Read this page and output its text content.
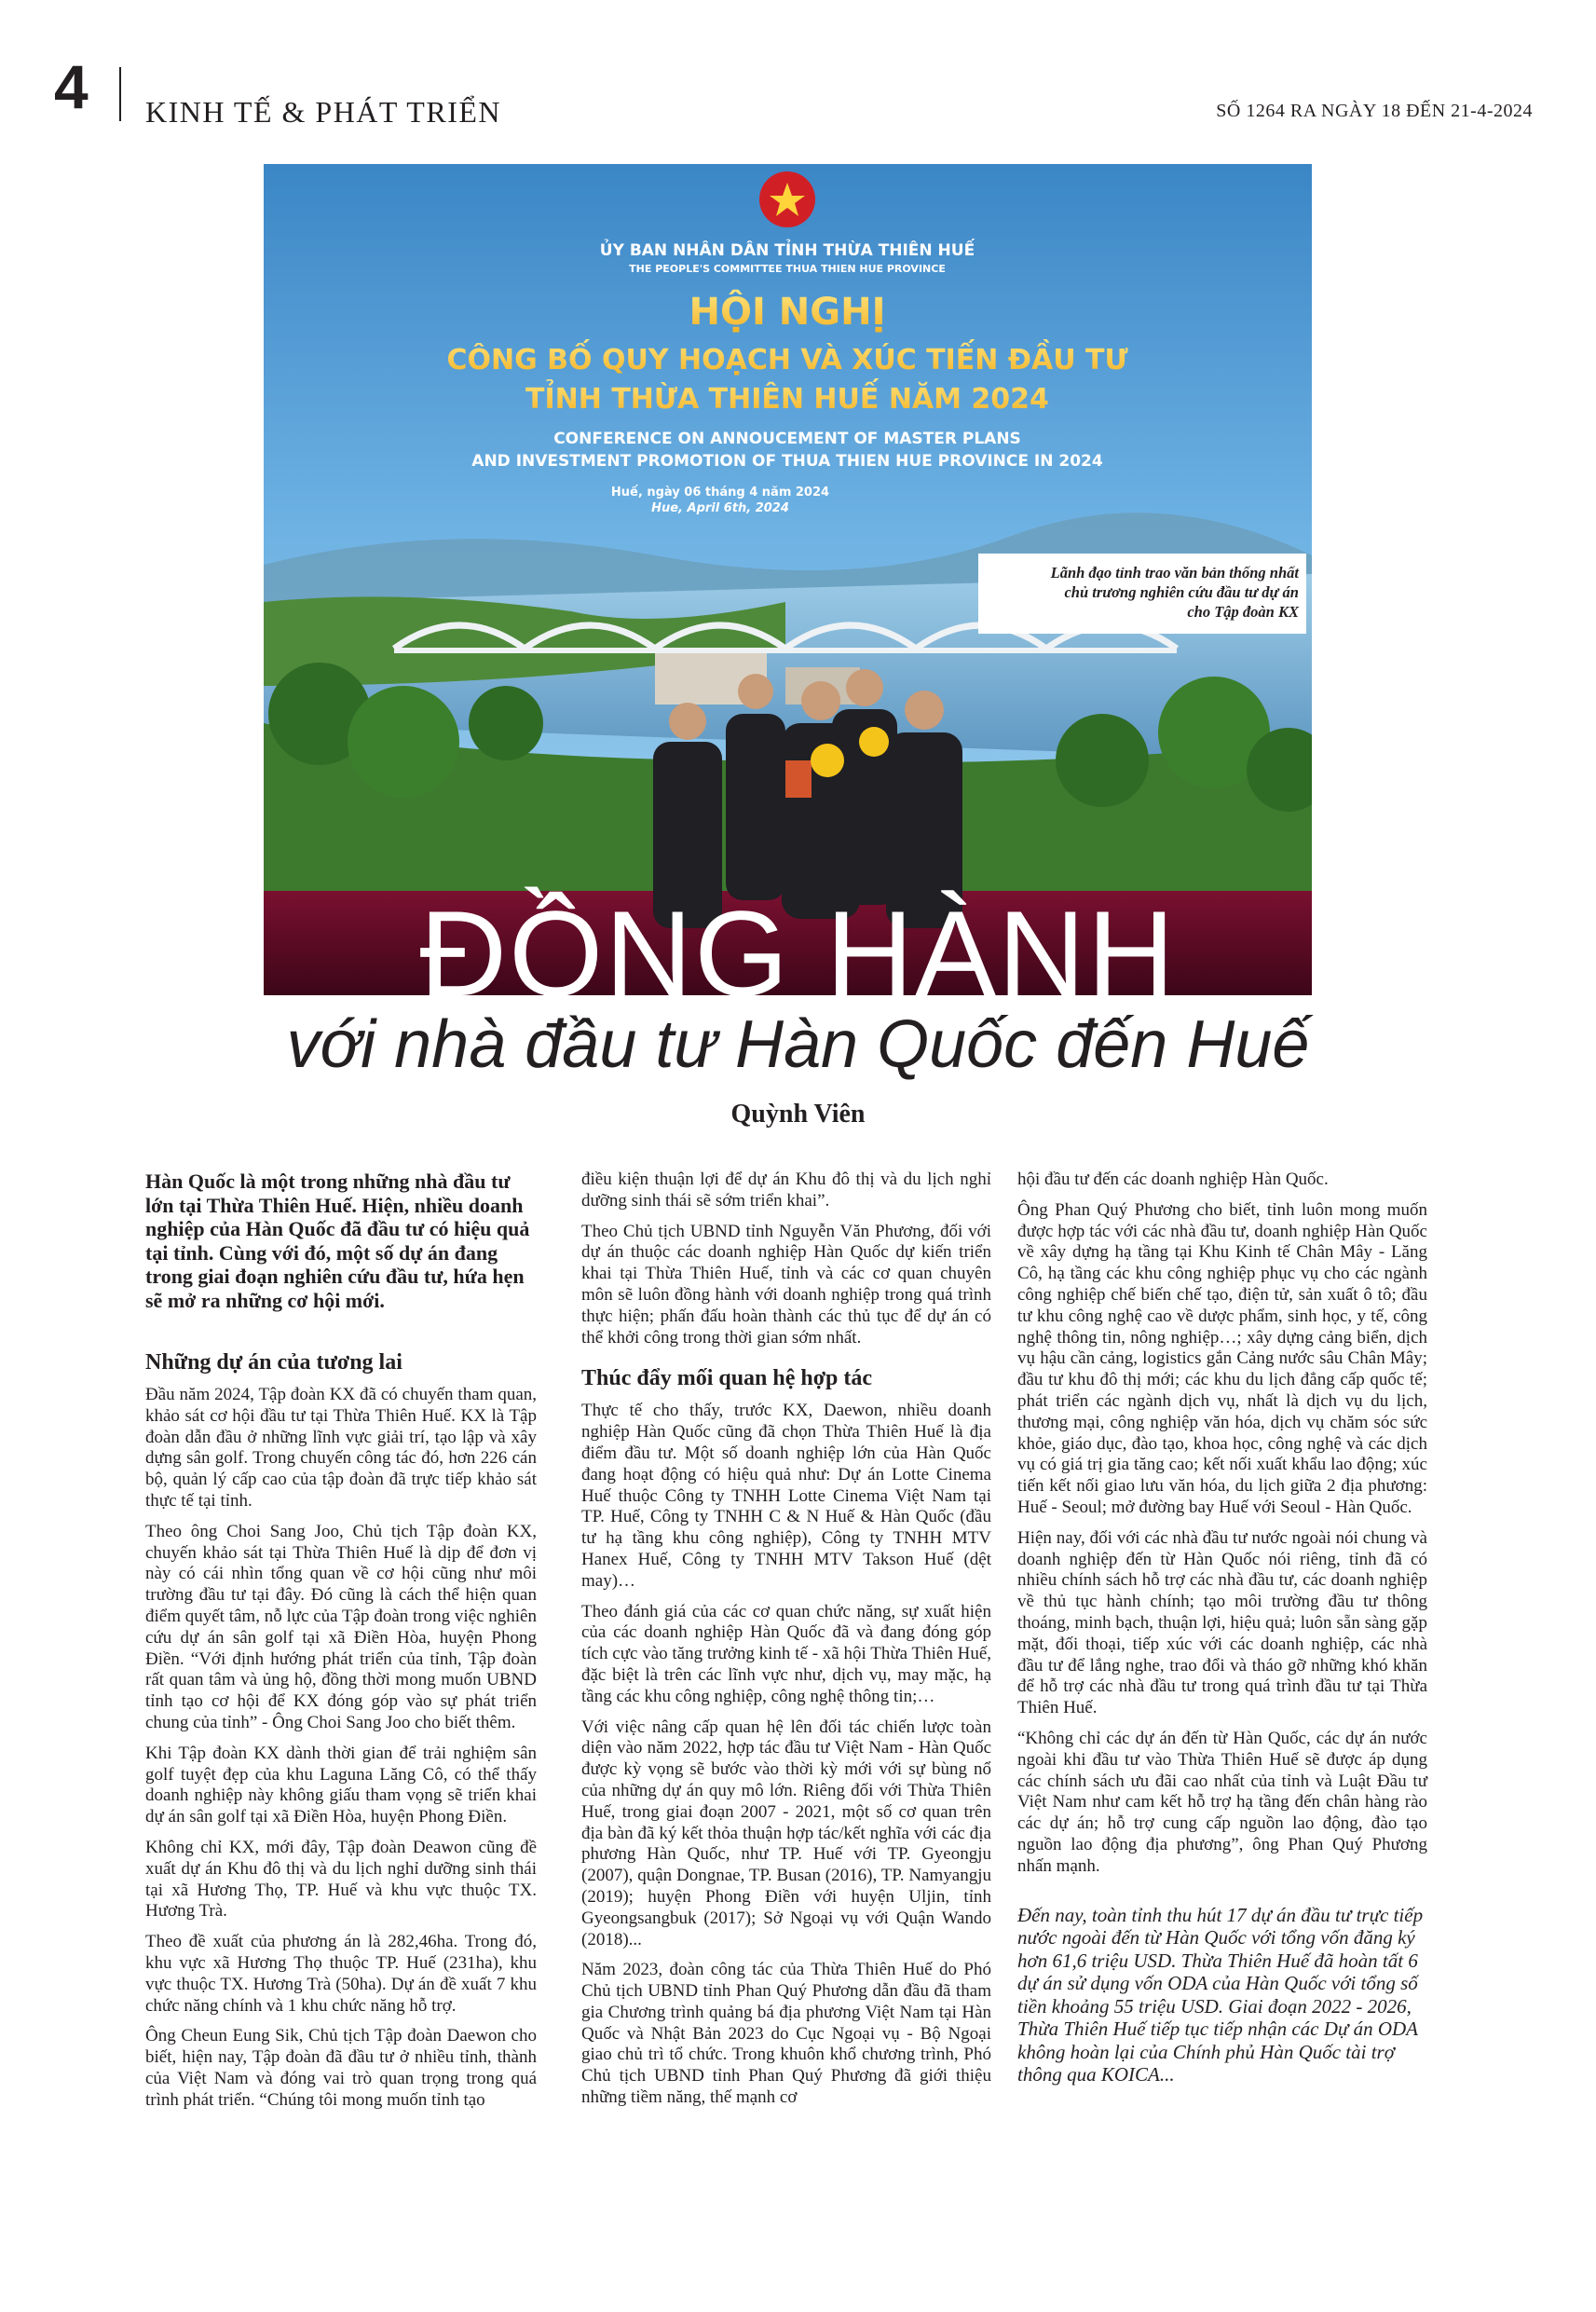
4 KINH TẾ & PHÁT TRIỂN	SỐ 1264 RA NGÀY 18 ĐẾN 21-4-2024
ỦY BAN NHÂN DÂN TỈNH THỪA THIÊN HUẾ
THE PEOPLE'S COMMITTEE THUA THIEN HUE PROVINCE
HỘI NGHỊ
CÔNG BỐ QUY HOẠCH VÀ XÚC TIẾN ĐẦU TƯ
TỈNH THỪA THIÊN HUẾ NĂM 2024
CONFERENCE ON ANNOUCEMENT OF MASTER PLANS
AND INVESTMENT PROMOTION OF THUA THIEN HUE PROVINCE IN 2024
Huế, ngày 06 tháng 4 năm 2024
Hue, April 6th, 2024
Lãnh đạo tỉnh trao văn bản thống nhất
chủ trương nghiên cứu đầu tư dự án
cho Tập đoàn KX
ĐỒNG HÀNH
với nhà đầu tư Hàn Quốc đến Huế
Quỳnh Viên

Hàn Quốc là một trong những nhà đầu tư lớn tại Thừa Thiên Huế. Hiện, nhiều doanh nghiệp của Hàn Quốc đã đầu tư có hiệu quả tại tỉnh. Cùng với đó, một số dự án đang trong giai đoạn nghiên cứu đầu tư, hứa hẹn sẽ mở ra những cơ hội mới.

Những dự án của tương lai

Đầu năm 2024, Tập đoàn KX đã có chuyến tham quan, khảo sát cơ hội đầu tư tại Thừa Thiên Huế. KX là Tập đoàn dẫn đầu ở những lĩnh vực giải trí, tạo lập và xây dựng sân golf. Trong chuyến công tác đó, hơn 226 cán bộ, quản lý cấp cao của tập đoàn đã trực tiếp khảo sát thực tế tại tỉnh.

Theo ông Choi Sang Joo, Chủ tịch Tập đoàn KX, chuyến khảo sát tại Thừa Thiên Huế là dịp để đơn vị này có cái nhìn tổng quan về cơ hội cũng như môi trường đầu tư tại đây. Đó cũng là cách thể hiện quan điểm quyết tâm, nỗ lực của Tập đoàn trong việc nghiên cứu dự án sân golf tại xã Điền Hòa, huyện Phong Điền. “Với định hướng phát triển của tỉnh, Tập đoàn rất quan tâm và ủng hộ, đồng thời mong muốn UBND tỉnh tạo cơ hội để KX đóng góp vào sự phát triển chung của tỉnh” - Ông Choi Sang Joo cho biết thêm.

Khi Tập đoàn KX dành thời gian để trải nghiệm sân golf tuyệt đẹp của khu Laguna Lăng Cô, có thể thấy doanh nghiệp này không giấu tham vọng sẽ triển khai dự án sân golf tại xã Điền Hòa, huyện Phong Điền.

Không chỉ KX, mới đây, Tập đoàn Deawon cũng đề xuất dự án Khu đô thị và du lịch nghỉ dưỡng sinh thái tại xã Hương Thọ, TP. Huế và khu vực thuộc TX. Hương Trà.

Theo đề xuất của phương án là 282,46ha. Trong đó, khu vực xã Hương Thọ thuộc TP. Huế (231ha), khu vực thuộc TX. Hương Trà (50ha). Dự án đề xuất 7 khu chức năng chính và 1 khu chức năng hỗ trợ.

Ông Cheun Eung Sik, Chủ tịch Tập đoàn Daewon cho biết, hiện nay, Tập đoàn đã đầu tư ở nhiều tỉnh, thành của Việt Nam và đóng vai trò quan trọng trong quá trình phát triển. “Chúng tôi mong muốn tỉnh tạo

điều kiện thuận lợi để dự án Khu đô thị và du lịch nghỉ dưỡng sinh thái sẽ sớm triển khai”.

Theo Chủ tịch UBND tỉnh Nguyễn Văn Phương, đối với dự án thuộc các doanh nghiệp Hàn Quốc dự kiến triển khai tại Thừa Thiên Huế, tỉnh và các cơ quan chuyên môn sẽ luôn đồng hành với doanh nghiệp trong quá trình thực hiện; phấn đấu hoàn thành các thủ tục để dự án có thể khởi công trong thời gian sớm nhất.

Thúc đẩy mối quan hệ hợp tác

Thực tế cho thấy, trước KX, Daewon, nhiều doanh nghiệp Hàn Quốc cũng đã chọn Thừa Thiên Huế là địa điểm đầu tư. Một số doanh nghiệp lớn của Hàn Quốc đang hoạt động có hiệu quả như: Dự án Lotte Cinema Huế thuộc Công ty TNHH Lotte Cinema Việt Nam tại TP. Huế, Công ty TNHH C & N Huế & Hàn Quốc (đầu tư hạ tầng khu công nghiệp), Công ty TNHH MTV Hanex Huế, Công ty TNHH MTV Takson Huế (dệt may)…

Theo đánh giá của các cơ quan chức năng, sự xuất hiện của các doanh nghiệp Hàn Quốc đã và đang đóng góp tích cực vào tăng trưởng kinh tế - xã hội Thừa Thiên Huế, đặc biệt là trên các lĩnh vực như, dịch vụ, may mặc, hạ tầng các khu công nghiệp, công nghệ thông tin;…

Với việc nâng cấp quan hệ lên đối tác chiến lược toàn diện vào năm 2022, hợp tác đầu tư Việt Nam - Hàn Quốc được kỳ vọng sẽ bước vào thời kỳ mới với sự bùng nổ của những dự án quy mô lớn. Riêng đối với Thừa Thiên Huế, trong giai đoạn 2007 - 2021, một số cơ quan trên địa bàn đã ký kết thỏa thuận hợp tác/kết nghĩa với các địa phương Hàn Quốc, như TP. Huế với TP. Gyeongju (2007), quận Dongnae, TP. Busan (2016), TP. Namyangju (2019); huyện Phong Điền với huyện Uljin, tỉnh Gyeongsangbuk (2017); Sở Ngoại vụ với Quận Wando (2018)...

Năm 2023, đoàn công tác của Thừa Thiên Huế do Phó Chủ tịch UBND tỉnh Phan Quý Phương dẫn đầu đã tham gia Chương trình quảng bá địa phương Việt Nam tại Hàn Quốc và Nhật Bản 2023 do Cục Ngoại vụ - Bộ Ngoại giao chủ trì tổ chức. Trong khuôn khổ chương trình, Phó Chủ tịch UBND tỉnh Phan Quý Phương đã giới thiệu những tiềm năng, thế mạnh cơ

hội đầu tư đến các doanh nghiệp Hàn Quốc.

Ông Phan Quý Phương cho biết, tỉnh luôn mong muốn được hợp tác với các nhà đầu tư, doanh nghiệp Hàn Quốc về xây dựng hạ tầng tại Khu Kinh tế Chân Mây - Lăng Cô, hạ tầng các khu công nghiệp phục vụ cho các ngành công nghiệp chế biến chế tạo, điện tử, sản xuất ô tô; đầu tư khu công nghệ cao về dược phẩm, sinh học, y tế, công nghệ thông tin, nông nghiệp…; xây dựng cảng biển, dịch vụ hậu cần cảng, logistics gắn Cảng nước sâu Chân Mây; đầu tư khu đô thị mới; các khu du lịch đẳng cấp quốc tế; phát triển các ngành dịch vụ, nhất là dịch vụ du lịch, thương mại, công nghiệp văn hóa, dịch vụ chăm sóc sức khỏe, giáo dục, đào tạo, khoa học, công nghệ và các dịch vụ có giá trị gia tăng cao; kết nối xuất khẩu lao động; xúc tiến kết nối giao lưu văn hóa, du lịch giữa 2 địa phương: Huế - Seoul; mở đường bay Huế với Seoul - Hàn Quốc.

Hiện nay, đối với các nhà đầu tư nước ngoài nói chung và doanh nghiệp đến từ Hàn Quốc nói riêng, tỉnh đã có nhiều chính sách hỗ trợ các nhà đầu tư, các doanh nghiệp về thủ tục hành chính; tạo môi trường đầu tư thông thoáng, minh bạch, thuận lợi, hiệu quả; luôn sẵn sàng gặp mặt, đối thoại, tiếp xúc với các doanh nghiệp, các nhà đầu tư để lắng nghe, trao đổi và tháo gỡ những khó khăn để hỗ trợ các nhà đầu tư trong quá trình đầu tư tại Thừa Thiên Huế.

“Không chỉ các dự án đến từ Hàn Quốc, các dự án nước ngoài khi đầu tư vào Thừa Thiên Huế sẽ được áp dụng các chính sách ưu đãi cao nhất của tỉnh và Luật Đầu tư Việt Nam như cam kết hỗ trợ hạ tầng đến chân hàng rào các dự án; hỗ trợ cung cấp nguồn lao động, đào tạo nguồn lao động địa phương”, ông Phan Quý Phương nhấn mạnh.

Đến nay, toàn tỉnh thu hút 17 dự án đầu tư trực tiếp nước ngoài đến từ Hàn Quốc với tổng vốn đăng ký hơn 61,6 triệu USD. Thừa Thiên Huế đã hoàn tất 6 dự án sử dụng vốn ODA của Hàn Quốc với tổng số tiền khoảng 55 triệu USD. Giai đoạn 2022 - 2026, Thừa Thiên Huế tiếp tục tiếp nhận các Dự án ODA không hoàn lại của Chính phủ Hàn Quốc tài trợ thông qua KOICA...
